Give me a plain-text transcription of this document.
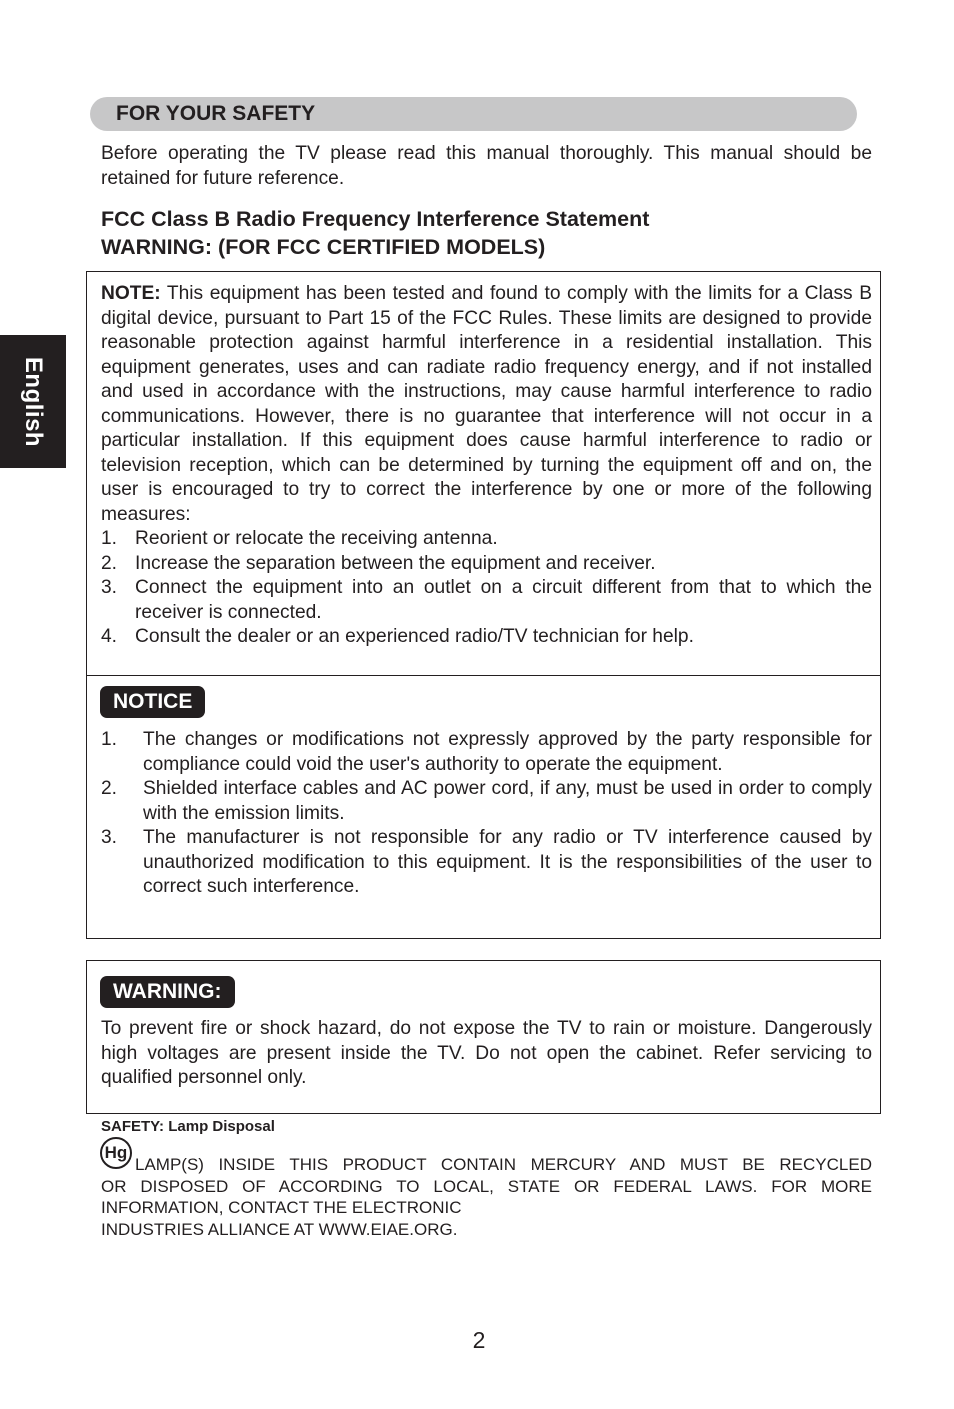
English
FOR YOUR SAFETY
Before operating the TV please read this manual thoroughly. This manual should be retained for future reference.
FCC Class B Radio Frequency Interference Statement
WARNING: (FOR FCC CERTIFIED MODELS)
NOTE: This equipment has been tested and found to comply with the limits for a Class B digital device, pursuant to Part 15 of the FCC Rules. These limits are designed to provide reasonable protection against harmful interference in a residential installation. This equipment generates, uses and can radiate radio frequency energy, and if not installed and used in accordance with the instructions, may cause harmful interference to radio communications. However, there is no guarantee that interference will not occur in a particular installation. If this equipment does cause harmful interference to radio or television reception, which can be determined by turning the equipment off and on, the user is encouraged to try to correct the interference by one or more of the following measures:
1. Reorient or relocate the receiving antenna.
2. Increase the separation between the equipment and receiver.
3. Connect the equipment into an outlet on a circuit different from that to which the receiver is connected.
4. Consult the dealer or an experienced radio/TV technician for help.
NOTICE
1. The changes or modifications not expressly approved by the party responsible for compliance could void the user's authority to operate the equipment.
2. Shielded interface cables and AC power cord, if any, must be used in order to comply with the emission limits.
3. The manufacturer is not responsible for any radio or TV interference caused by unauthorized modification to this equipment. It is the responsibilities of the user to correct such interference.
WARNING:
To prevent fire or shock hazard, do not expose the TV to rain or moisture. Dangerously high voltages are present inside the TV. Do not open the cabinet. Refer servicing to qualified personnel only.
SAFETY: Lamp Disposal
Hg
LAMP(S) INSIDE THIS PRODUCT CONTAIN MERCURY AND MUST BE RECYCLED
OR DISPOSED OF ACCORDING TO LOCAL, STATE OR FEDERAL LAWS. FOR MORE
INFORMATION, CONTACT THE ELECTRONIC
INDUSTRIES ALLIANCE AT WWW.EIAE.ORG.
2
